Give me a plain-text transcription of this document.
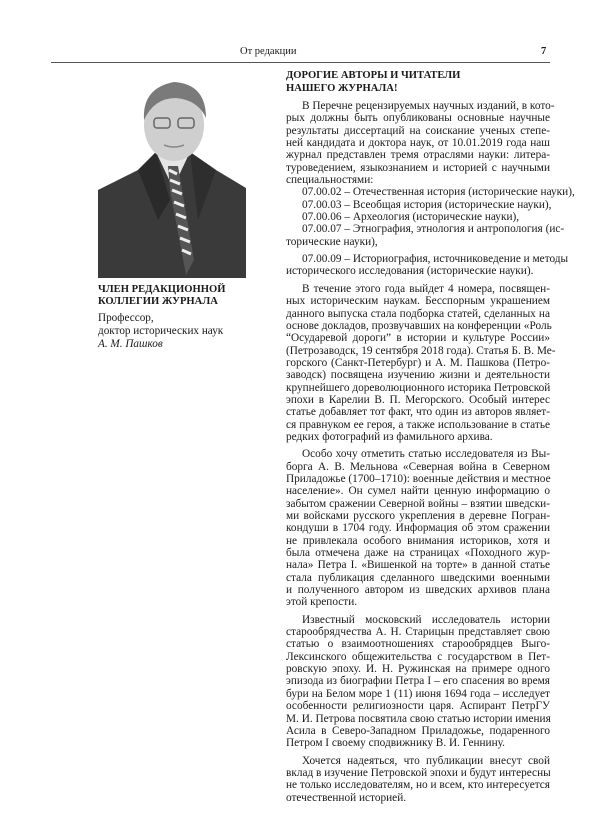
От редакции	7
ЧЛЕН РЕДАКЦИОННОЙ
КОЛЛЕГИИ ЖУРНАЛА
Профессор,
доктор исторических наук
А. М. Пашков
ДОРОГИЕ АВТОРЫ И ЧИТАТЕЛИ
НАШЕГО ЖУРНАЛА!
В Перечне рецензируемых научных изданий, в кото-
рых должны быть опубликованы основные научные
результаты диссертаций на соискание ученых степе-
ней кандидата и доктора наук, от 10.01.2019 года наш
журнал представлен тремя отраслями науки: литера-
туроведением, языкознанием и историей с научными
специальностями:
07.00.02 – Отечественная история (исторические науки),
07.00.03 – Всеобщая история (исторические науки),
07.00.06 – Археология (исторические науки),
07.00.07 – Этнография, этнология и антропология (ис-
торические науки),
07.00.09 – Историография, источниковедение и методы
исторического исследования (исторические науки).
В течение этого года выйдет 4 номера, посвящен-
ных историческим наукам. Бесспорным украшением
данного выпуска стала подборка статей, сделанных на
основе докладов, прозвучавших на конференции «Роль
“Осударевой дороги” в истории и культуре России»
(Петрозаводск, 19 сентября 2018 года). Статья Б. В. Ме-
горского (Санкт-Петербург) и А. М. Пашкова (Петро-
заводск) посвящена изучению жизни и деятельности
крупнейшего дореволюционного историка Петровской
эпохи в Карелии В. П. Мегорского. Особый интерес
статье добавляет тот факт, что один из авторов являет-
ся правнуком ее героя, а также использование в статье
редких фотографий из фамильного архива.
Особо хочу отметить статью исследователя из Вы-
борга А. В. Мельнова «Северная война в Северном
Приладожье (1700–1710): военные действия и местное
население». Он сумел найти ценную информацию о
забытом сражении Северной войны – взятии шведски-
ми войсками русского укрепления в деревне Погран-
кондуши в 1704 году. Информация об этом сражении
не привлекала особого внимания историков, хотя и
была отмечена даже на страницах «Походного жур-
нала» Петра I. «Вишенкой на торте» в данной статье
стала публикация сделанного шведскими военными
и полученного автором из шведских архивов плана
этой крепости.
Известный московский исследователь истории
старообрядчества А. Н. Старицын представляет свою
статью о взаимоотношениях старообрядцев Выго-
Лексинского общежительства с государством в Пет-
ровскую эпоху. И. Н. Ружинская на примере одного
эпизода из биографии Петра I – его спасения во время
бури на Белом море 1 (11) июня 1694 года – исследует
особенности религиозности царя. Аспирант ПетрГУ
М. И. Петрова посвятила свою статью истории имения
Асила в Северо-Западном Приладожье, подаренного
Петром I своему сподвижнику В. И. Геннину.
Хочется надеяться, что публикации внесут свой
вклад в изучение Петровской эпохи и будут интересны
не только исследователям, но и всем, кто интересуется
отечественной историей.
